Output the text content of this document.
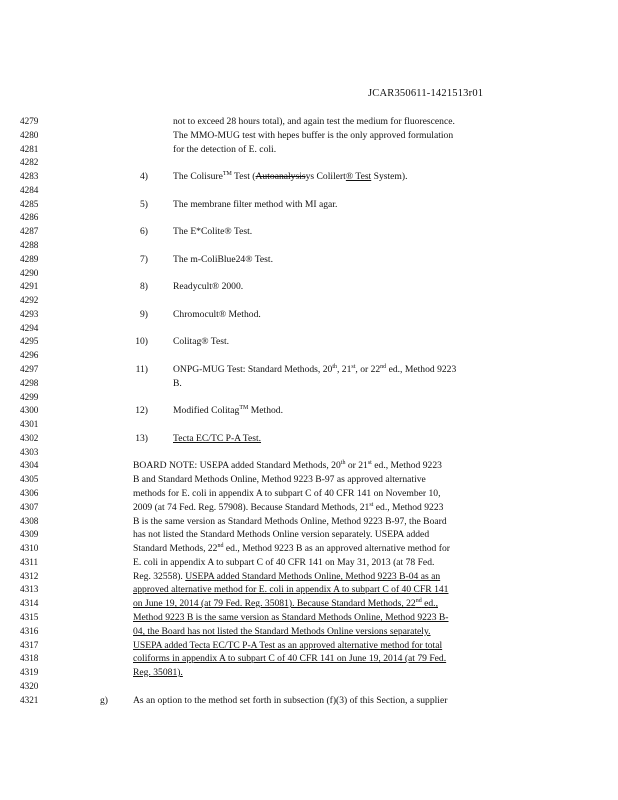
JCAR350611-1421513r01
4279
4280
4281
4282
4283
4284
4285
4286
4287
4288
4289
4290
4291
4292
4293
4294
4295
4296
4297
4298
4299
4300
4301
4302
4303
4304
4305
4306
4307
4308
4309
4310
4311
4312
4313
4314
4315
4316
4317
4318
4319
4320
4321
not to exceed 28 hours total), and again test the medium for fluorescence.
The MMO-MUG test with hepes buffer is the only approved formulation
for the detection of E. coli.
4)	The Colisure™ Test (Autoanalysisys Colilert® Test System).
5)	The membrane filter method with MI agar.
6)	The E*Colite® Test.
7)	The m-ColiBlue24® Test.
8)	Readycult® 2000.
9)	Chromocult® Method.
10)	Colitag® Test.
11)	ONPG-MUG Test: Standard Methods, 20th, 21st, or 22nd ed., Method 9223
B.
12)	Modified Colitag™ Method.
13)	Tecta EC/TC P-A Test.
BOARD NOTE: USEPA added Standard Methods, 20th or 21st ed., Method 9223
B and Standard Methods Online, Method 9223 B-97 as approved alternative
methods for E. coli in appendix A to subpart C of 40 CFR 141 on November 10,
2009 (at 74 Fed. Reg. 57908). Because Standard Methods, 21st ed., Method 9223
B is the same version as Standard Methods Online, Method 9223 B-97, the Board
has not listed the Standard Methods Online version separately. USEPA added
Standard Methods, 22nd ed., Method 9223 B as an approved alternative method for
E. coli in appendix A to subpart C of 40 CFR 141 on May 31, 2013 (at 78 Fed.
Reg. 32558). USEPA added Standard Methods Online, Method 9223 B-04 as an
approved alternative method for E. coli in appendix A to subpart C of 40 CFR 141
on June 19, 2014 (at 79 Fed. Reg. 35081). Because Standard Methods, 22nd ed.,
Method 9223 B is the same version as Standard Methods Online, Method 9223 B-
04, the Board has not listed the Standard Methods Online versions separately.
USEPA added Tecta EC/TC P-A Test as an approved alternative method for total
coliforms in appendix A to subpart C of 40 CFR 141 on June 19, 2014 (at 79 Fed.
Reg. 35081).
g)	As an option to the method set forth in subsection (f)(3) of this Section, a supplier
